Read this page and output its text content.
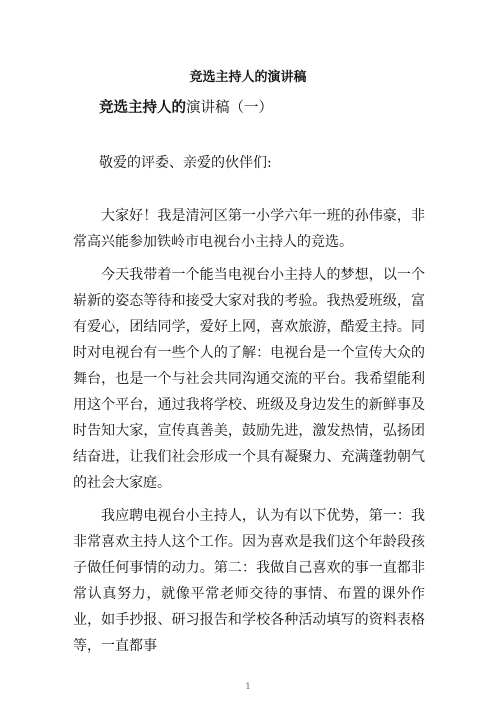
竞选主持人的演讲稿
竞选主持人的演讲稿（一）
敬爱的评委、亲爱的伙伴们:

大家好！我是清河区第一小学六年一班的孙伟豪，非常高兴能参加铁岭市电视台小主持人的竞选。

今天我带着一个能当电视台小主持人的梦想，以一个崭新的姿态等待和接受大家对我的考验。我热爱班级，富有爱心，团结同学，爱好上网，喜欢旅游，酷爱主持。同时对电视台有一些个人的了解：电视台是一个宣传大众的舞台，也是一个与社会共同沟通交流的平台。我希望能利用这个平台，通过我将学校、班级及身边发生的新鲜事及时告知大家，宣传真善美，鼓励先进，激发热情，弘扬团结奋进，让我们社会形成一个具有凝聚力、充满蓬勃朝气的社会大家庭。

我应聘电视台小主持人，认为有以下优势，第一：我非常喜欢主持人这个工作。因为喜欢是我们这个年龄段孩子做任何事情的动力。第二：我做自己喜欢的事一直都非常认真努力，就像平常老师交待的事情、布置的课外作业，如手抄报、研习报告和学校各种活动填写的资料表格等，一直都事

1
